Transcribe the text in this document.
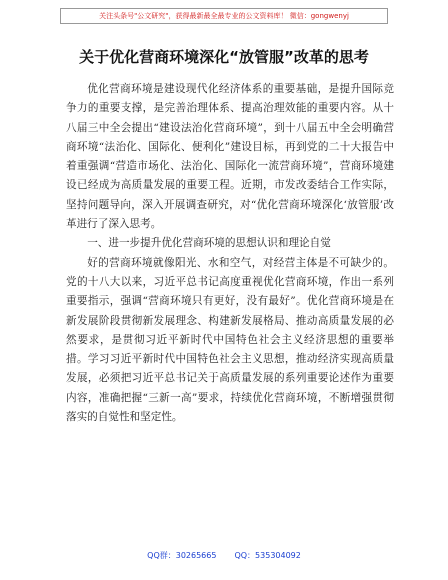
关注头条号"公文研究"，获得最新最全最专业的公文资料库！ 微信：gongwenyj
关于优化营商环境深化“放管服”改革的思考

优化营商环境是建设现代化经济体系的重要基础，是提升国际竞争力的重要支撑，是完善治理体系、提高治理效能的重要内容。从十八届三中全会提出“建设法治化营商环境”，到十八届五中全会明确营商环境“法治化、国际化、便利化”建设目标，再到党的二十大报告中着重强调“营造市场化、法治化、国际化一流营商环境”，营商环境建设已经成为高质量发展的重要工程。近期，市发改委结合工作实际，坚持问题导向，深入开展调查研究，对“优化营商环境深化‘放管服’改革进行了深入思考。

一、进一步提升优化营商环境的思想认识和理论自觉

好的营商环境就像阳光、水和空气，对经营主体是不可缺少的。党的十八大以来，习近平总书记高度重视优化营商环境，作出一系列重要指示，强调“营商环境只有更好，没有最好”。优化营商环境是在新发展阶段贯彻新发展理念、构建新发展格局、推动高质量发展的必然要求，是贯彻习近平新时代中国特色社会主义经济思想的重要举措。学习习近平新时代中国特色社会主义思想，推动经济实现高质量发展，必须把习近平总书记关于高质量发展的系列重要论述作为重要内容，准确把握“三新一高”要求，持续优化营商环境，不断增强贯彻落实的自觉性和坚定性。

QQ群：30265665 QQ：535304092
